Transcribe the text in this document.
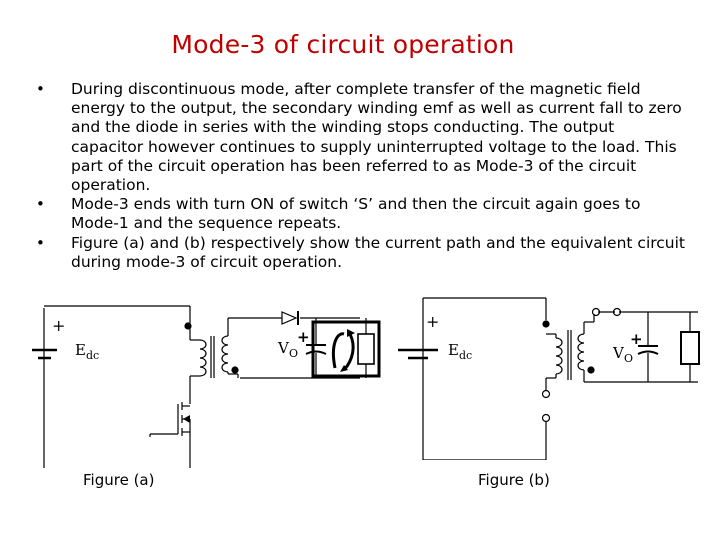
Mode-3 of circuit operation
• During discontinuous mode, after complete transfer of the magnetic field energy to the output, the secondary winding emf as well as current fall to zero and the diode in series with the winding stops conducting. The output capacitor however continues to supply uninterrupted voltage to the load. This part of the circuit operation has been referred to as Mode-3 of the circuit operation.
• Mode-3 ends with turn ON of switch ‘S’ and then the circuit again goes to Mode-1 and the sequence repeats.
• Figure (a) and (b) respectively show the current path and the equivalent circuit during mode-3 of circuit operation.
+
E dc	V O
+
+
E dc	V O
+
Figure (a)	Figure (b)
